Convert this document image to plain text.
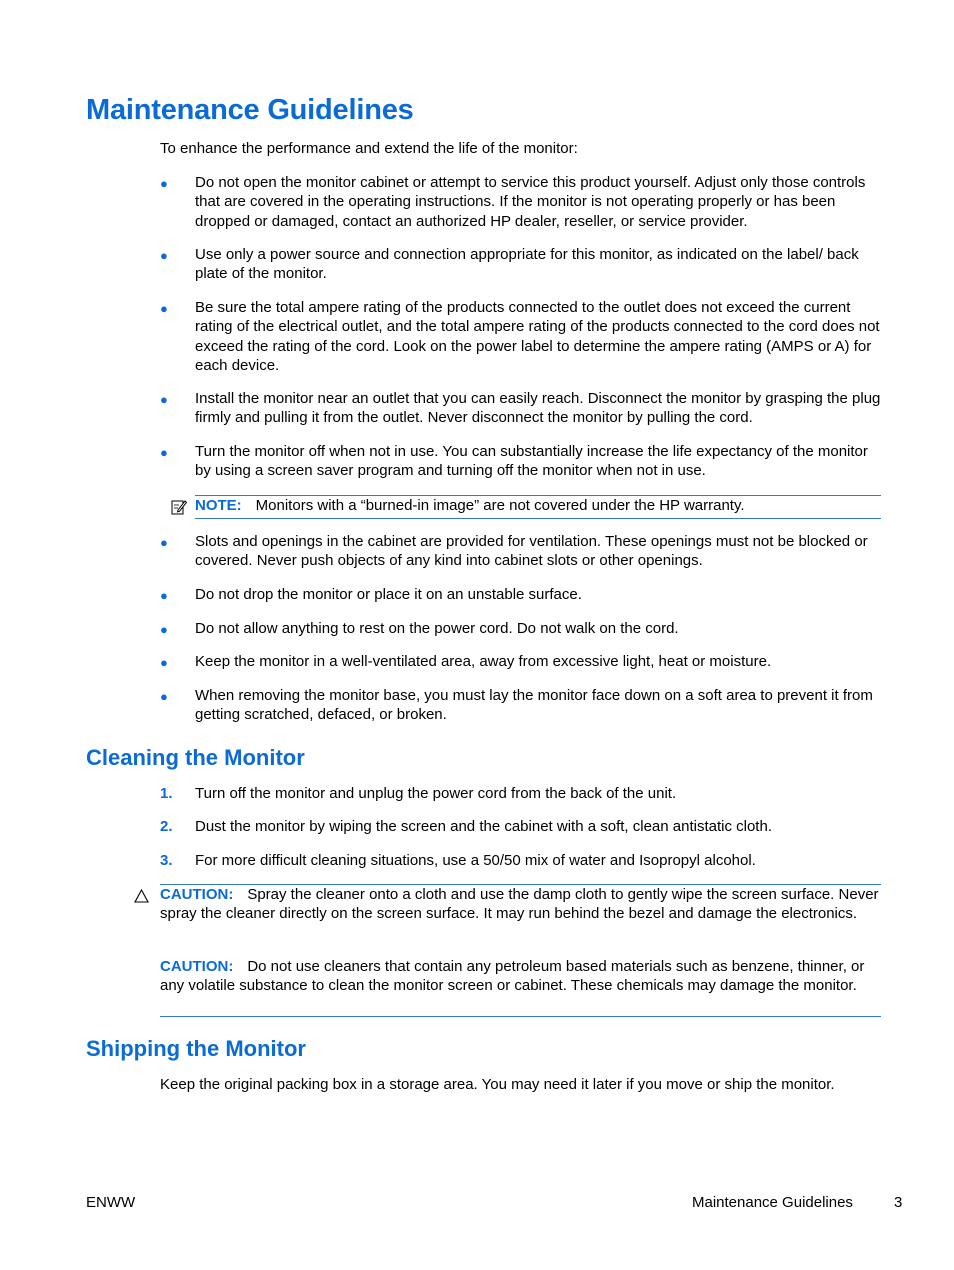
Maintenance Guidelines
To enhance the performance and extend the life of the monitor:
● Do not open the monitor cabinet or attempt to service this product yourself. Adjust only those controls that are covered in the operating instructions. If the monitor is not operating properly or has been dropped or damaged, contact an authorized HP dealer, reseller, or service provider.
● Use only a power source and connection appropriate for this monitor, as indicated on the label/ back plate of the monitor.
● Be sure the total ampere rating of the products connected to the outlet does not exceed the current rating of the electrical outlet, and the total ampere rating of the products connected to the cord does not exceed the rating of the cord. Look on the power label to determine the ampere rating (AMPS or A) for each device.
● Install the monitor near an outlet that you can easily reach. Disconnect the monitor by grasping the plug firmly and pulling it from the outlet. Never disconnect the monitor by pulling the cord.
● Turn the monitor off when not in use. You can substantially increase the life expectancy of the monitor by using a screen saver program and turning off the monitor when not in use.
NOTE: Monitors with a “burned-in image” are not covered under the HP warranty.
● Slots and openings in the cabinet are provided for ventilation. These openings must not be blocked or covered. Never push objects of any kind into cabinet slots or other openings.
● Do not drop the monitor or place it on an unstable surface.
● Do not allow anything to rest on the power cord. Do not walk on the cord.
● Keep the monitor in a well-ventilated area, away from excessive light, heat or moisture.
● When removing the monitor base, you must lay the monitor face down on a soft area to prevent it from getting scratched, defaced, or broken.
Cleaning the Monitor
1. Turn off the monitor and unplug the power cord from the back of the unit.
2. Dust the monitor by wiping the screen and the cabinet with a soft, clean antistatic cloth.
3. For more difficult cleaning situations, use a 50/50 mix of water and Isopropyl alcohol.
CAUTION: Spray the cleaner onto a cloth and use the damp cloth to gently wipe the screen surface. Never spray the cleaner directly on the screen surface. It may run behind the bezel and damage the electronics.
CAUTION: Do not use cleaners that contain any petroleum based materials such as benzene, thinner, or any volatile substance to clean the monitor screen or cabinet. These chemicals may damage the monitor.
Shipping the Monitor
Keep the original packing box in a storage area. You may need it later if you move or ship the monitor.
ENWW	Maintenance Guidelines	3
